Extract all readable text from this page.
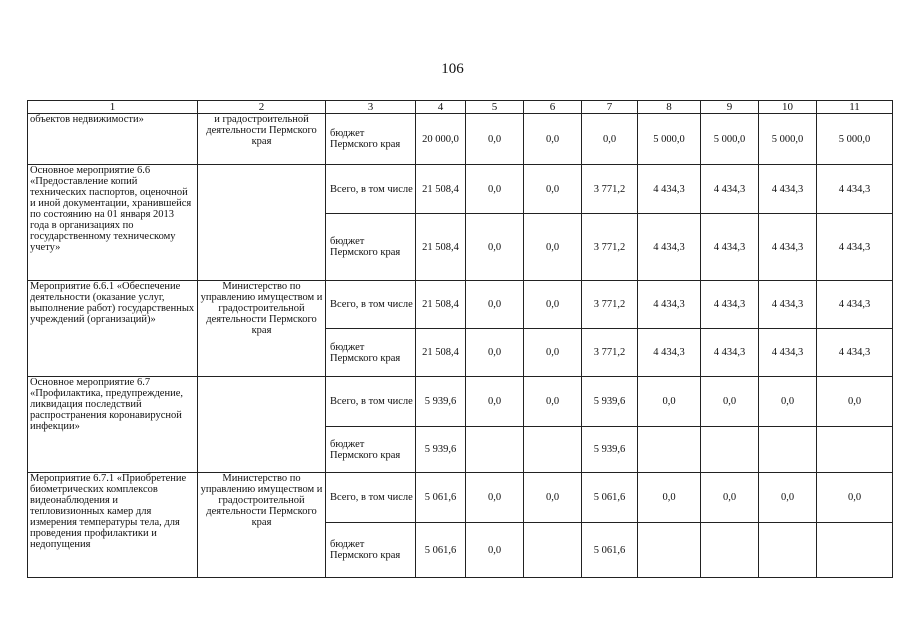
106
1	2	3	4	5	6	7	8	9	10	11
объектов недвижимости»	и градостроительной деятельности Пермского края	бюджет Пермского края	20 000,0	0,0	0,0	0,0	5 000,0	5 000,0	5 000,0	5 000,0
Основное мероприятие 6.6 «Предоставление копий технических паспортов, оценочной и иной документации, хранившейся по состоянию на 01 января 2013 года в организациях по государственному техническому учету»		Всего, в том числе	21 508,4	0,0	0,0	3 771,2	4 434,3	4 434,3	4 434,3	4 434,3
		бюджет Пермского края	21 508,4	0,0	0,0	3 771,2	4 434,3	4 434,3	4 434,3	4 434,3
Мероприятие 6.6.1 «Обеспечение деятельности (оказание услуг, выполнение работ) государственных учреждений (организаций)»	Министерство по управлению имуществом и градостроительной деятельности Пермского края	Всего, в том числе	21 508,4	0,0	0,0	3 771,2	4 434,3	4 434,3	4 434,3	4 434,3
		бюджет Пермского края	21 508,4	0,0	0,0	3 771,2	4 434,3	4 434,3	4 434,3	4 434,3
Основное мероприятие 6.7 «Профилактика, предупреждение, ликвидация последствий распространения коронавирусной инфекции»		Всего, в том числе	5 939,6	0,0	0,0	5 939,6	0,0	0,0	0,0	0,0
		бюджет Пермского края	5 939,6			5 939,6				
Мероприятие 6.7.1 «Приобретение биометрических комплексов видеонаблюдения и тепловизионных камер для измерения температуры тела, для проведения профилактики и недопущения	Министерство по управлению имуществом и градостроительной деятельности Пермского края	Всего, в том числе	5 061,6	0,0	0,0	5 061,6	0,0	0,0	0,0	0,0
		бюджет Пермского края	5 061,6	0,0		5 061,6				
